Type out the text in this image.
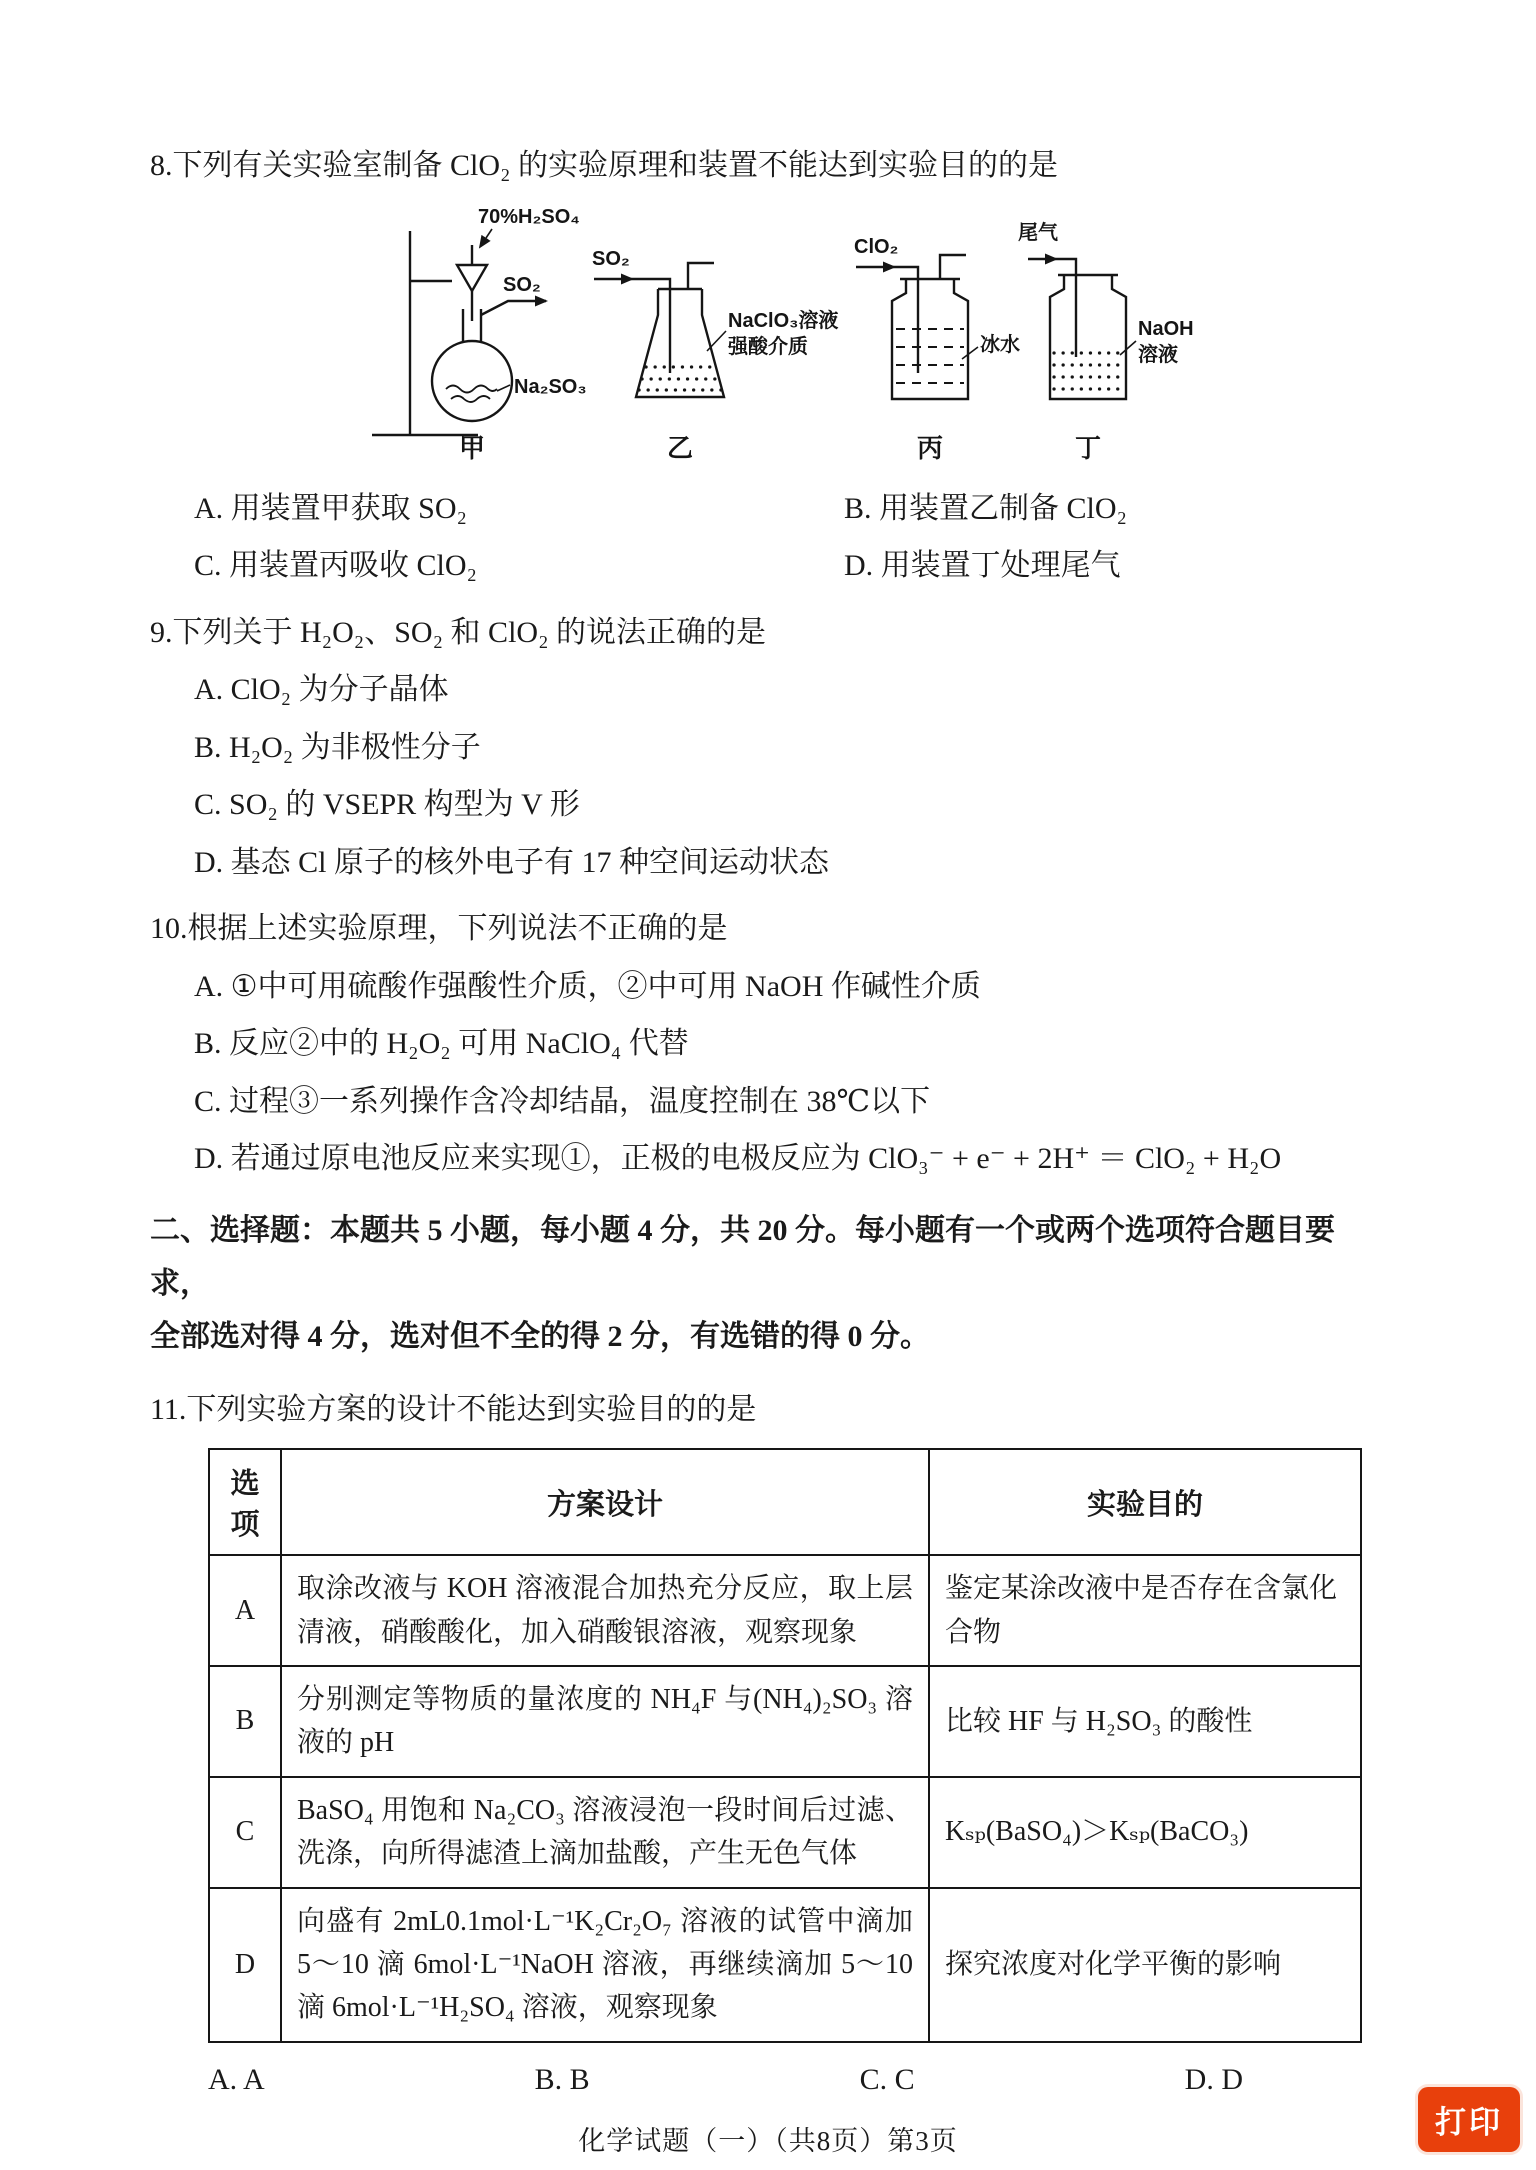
8.下列有关实验室制备 ClO₂ 的实验原理和装置不能达到实验目的的是
70%H₂SO₄
SO₂
Na₂SO₃
甲
SO₂
NaClO₃溶液
强酸介质
乙
ClO₂
冰水
丙
尾气
NaOH
溶液
丁
A. 用装置甲获取 SO₂	B. 用装置乙制备 ClO₂
C. 用装置丙吸收 ClO₂	D. 用装置丁处理尾气
9.下列关于 H₂O₂、SO₂ 和 ClO₂ 的说法正确的是
A. ClO₂ 为分子晶体
B. H₂O₂ 为非极性分子
C. SO₂ 的 VSEPR 构型为 V 形
D. 基态 Cl 原子的核外电子有 17 种空间运动状态
10.根据上述实验原理，下列说法不正确的是
A. ①中可用硫酸作强酸性介质，②中可用 NaOH 作碱性介质
B. 反应②中的 H₂O₂ 可用 NaClO₄ 代替
C. 过程③一系列操作含冷却结晶，温度控制在 38℃以下
D. 若通过原电池反应来实现①，正极的电极反应为 ClO₃⁻ + e⁻ + 2H⁺ ＝ ClO₂ + H₂O
二、选择题：本题共 5 小题，每小题 4 分，共 20 分。每小题有一个或两个选项符合题目要求，
全部选对得 4 分，选对但不全的得 2 分，有选错的得 0 分。
11.下列实验方案的设计不能达到实验目的的是
选项	方案设计	实验目的
A	取涂改液与 KOH 溶液混合加热充分反应，取上层清液，硝酸酸化，加入硝酸银溶液，观察现象	鉴定某涂改液中是否存在含氯化合物
B	分别测定等物质的量浓度的 NH₄F 与(NH₄)₂SO₃ 溶液的 pH	比较 HF 与 H₂SO₃ 的酸性
C	BaSO₄ 用饱和 Na₂CO₃ 溶液浸泡一段时间后过滤、洗涤，向所得滤渣上滴加盐酸，产生无色气体	Kₛₚ(BaSO₄)＞Kₛₚ(BaCO₃)
D	向盛有 2mL0.1mol·L⁻¹K₂Cr₂O₇ 溶液的试管中滴加 5～10 滴 6mol·L⁻¹NaOH 溶液，再继续滴加 5～10 滴 6mol·L⁻¹H₂SO₄ 溶液，观察现象	探究浓度对化学平衡的影响
A. A	B. B	C. C	D. D
化学试题（一）（共8页）第3页
打印
